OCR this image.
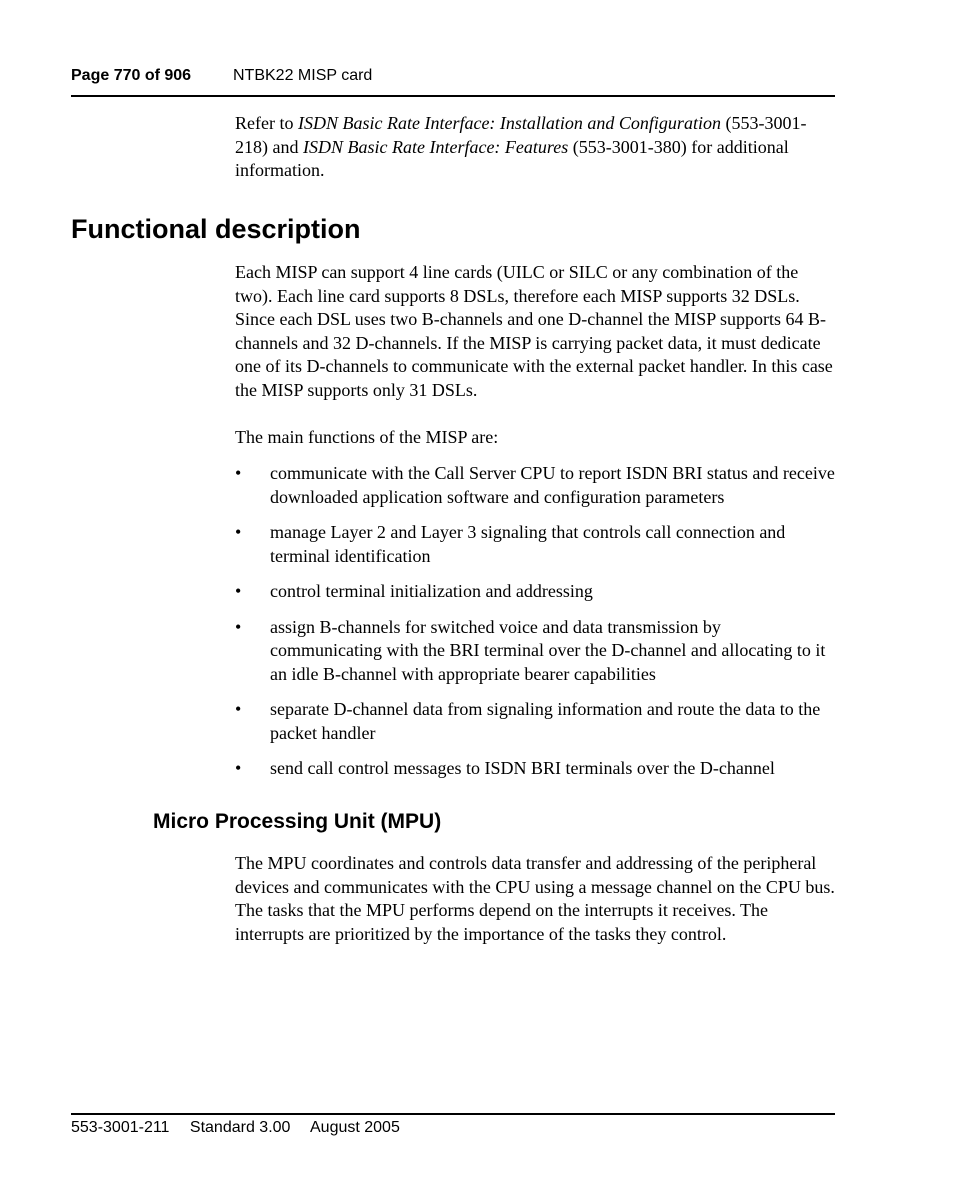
Page 770 of 906	NTBK22 MISP card

Refer to ISDN Basic Rate Interface: Installation and Configuration (553-3001-218) and ISDN Basic Rate Interface: Features (553-3001-380) for additional information.

Functional description

Each MISP can support 4 line cards (UILC or SILC or any combination of the two). Each line card supports 8 DSLs, therefore each MISP supports 32 DSLs. Since each DSL uses two B-channels and one D-channel the MISP supports 64 B-channels and 32 D-channels. If the MISP is carrying packet data, it must dedicate one of its D-channels to communicate with the external packet handler. In this case the MISP supports only 31 DSLs.

The main functions of the MISP are:

• communicate with the Call Server CPU to report ISDN BRI status and receive downloaded application software and configuration parameters
• manage Layer 2 and Layer 3 signaling that controls call connection and terminal identification
• control terminal initialization and addressing
• assign B-channels for switched voice and data transmission by communicating with the BRI terminal over the D-channel and allocating to it an idle B-channel with appropriate bearer capabilities
• separate D-channel data from signaling information and route the data to the packet handler
• send call control messages to ISDN BRI terminals over the D-channel
Micro Processing Unit (MPU)

The MPU coordinates and controls data transfer and addressing of the peripheral devices and communicates with the CPU using a message channel on the CPU bus. The tasks that the MPU performs depend on the interrupts it receives. The interrupts are prioritized by the importance of the tasks they control.

553-3001-211 Standard 3.00 August 2005
